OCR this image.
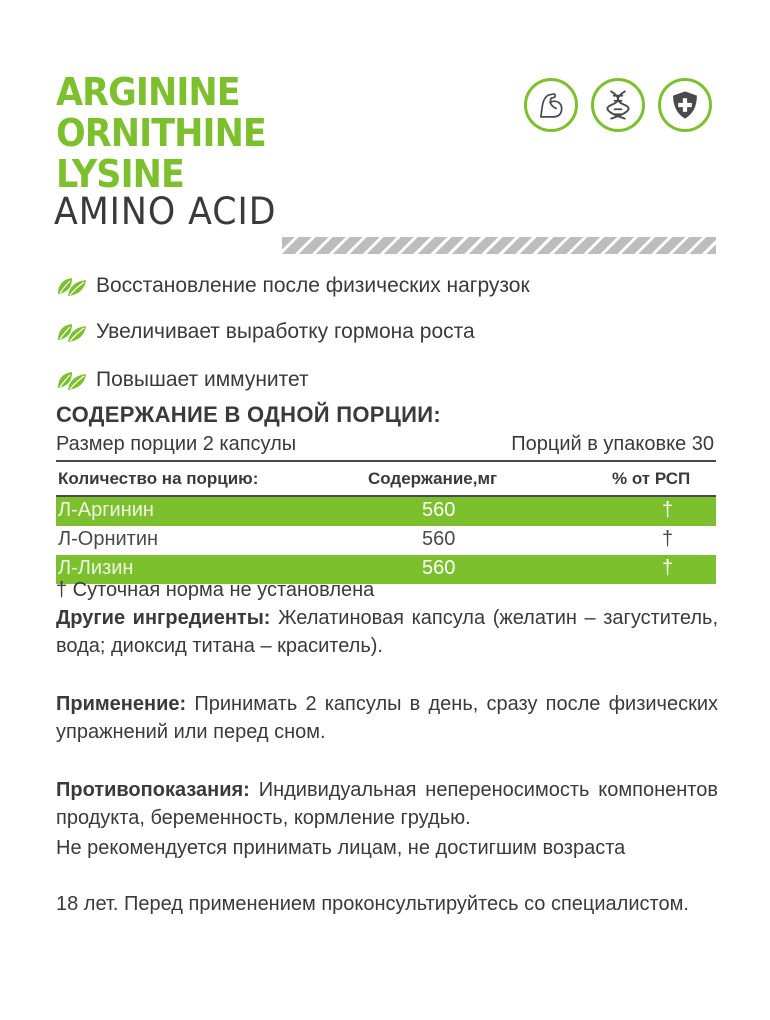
ARGININE
ORNITHINE
LYSINE
AMINO ACID
Восстановление после физических нагрузок
Увеличивает выработку гормона роста
Повышает иммунитет
СОДЕРЖАНИЕ В ОДНОЙ ПОРЦИИ:
Размер порции 2 капсулы	Порций в упаковке 30
Количество на порцию:	Содержание,мг	% от РСП
Л-Аргинин	560	†
Л-Орнитин	560	†
Л-Лизин	560	†
† Суточная норма не установлена
Другие ингредиенты: Желатиновая капсула (желатин – загуститель, вода; диоксид титана – краситель).
Применение: Принимать 2 капсулы в день, сразу после физических упражнений или перед сном.
Противопоказания: Индивидуальная непереносимость компонентов продукта, беременность, кормление грудью.
Не рекомендуется принимать лицам, не достигшим возраста
18 лет. Перед применением проконсультируйтесь со специалистом.
